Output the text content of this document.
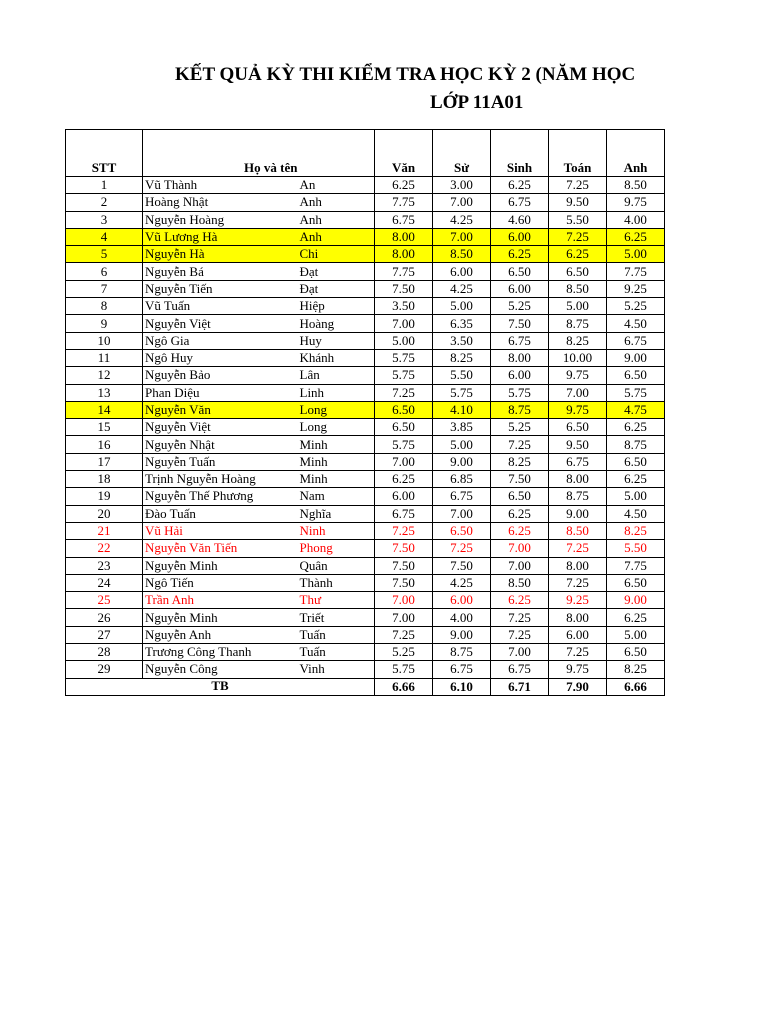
KẾT QUẢ KỲ THI KIỂM TRA HỌC KỲ 2 (NĂM HỌC
LỚP 11A01
STT	Họ và tên		Văn	Sử	Sinh	Toán	Anh	
1	Vũ Thành	An	6.25	3.00	6.25	7.25	8.50	
2	Hoàng Nhật	Anh	7.75	7.00	6.75	9.50	9.75	
3	Nguyễn Hoàng	Anh	6.75	4.25	4.60	5.50	4.00	
4	Vũ Lương Hà	Anh	8.00	7.00	6.00	7.25	6.25	
5	Nguyễn Hà	Chi	8.00	8.50	6.25	6.25	5.00	
6	Nguyễn Bá	Đạt	7.75	6.00	6.50	6.50	7.75	
7	Nguyễn Tiến	Đạt	7.50	4.25	6.00	8.50	9.25	
8	Vũ Tuấn	Hiệp	3.50	5.00	5.25	5.00	5.25	
9	Nguyễn Việt	Hoàng	7.00	6.35	7.50	8.75	4.50	
10	Ngô Gia	Huy	5.00	3.50	6.75	8.25	6.75	
11	Ngô Huy	Khánh	5.75	8.25	8.00	10.00	9.00	
12	Nguyễn Bảo	Lân	5.75	5.50	6.00	9.75	6.50	
13	Phan Diệu	Linh	7.25	5.75	5.75	7.00	5.75	
14	Nguyễn Văn	Long	6.50	4.10	8.75	9.75	4.75	
15	Nguyễn Việt	Long	6.50	3.85	5.25	6.50	6.25	
16	Nguyễn Nhật	Minh	5.75	5.00	7.25	9.50	8.75	
17	Nguyễn Tuấn	Minh	7.00	9.00	8.25	6.75	6.50	
18	Trịnh Nguyễn Hoàng	Minh	6.25	6.85	7.50	8.00	6.25	
19	Nguyễn Thế Phương	Nam	6.00	6.75	6.50	8.75	5.00	
20	Đào Tuấn	Nghĩa	6.75	7.00	6.25	9.00	4.50	
21	Vũ Hải	Ninh	7.25	6.50	6.25	8.50	8.25	
22	Nguyễn Văn Tiến	Phong	7.50	7.25	7.00	7.25	5.50	
23	Nguyễn Minh	Quân	7.50	7.50	7.00	8.00	7.75	
24	Ngô Tiến	Thành	7.50	4.25	8.50	7.25	6.50	
25	Trần Anh	Thư	7.00	6.00	6.25	9.25	9.00	
26	Nguyễn Minh	Triết	7.00	4.00	7.25	8.00	6.25	
27	Nguyễn Anh	Tuấn	7.25	9.00	7.25	6.00	5.00	
28	Trương Công Thanh	Tuấn	5.25	8.75	7.00	7.25	6.50	
29	Nguyễn Công	Vinh	5.75	6.75	6.75	9.75	8.25	
TB			6.66	6.10	6.71	7.90	6.66	
